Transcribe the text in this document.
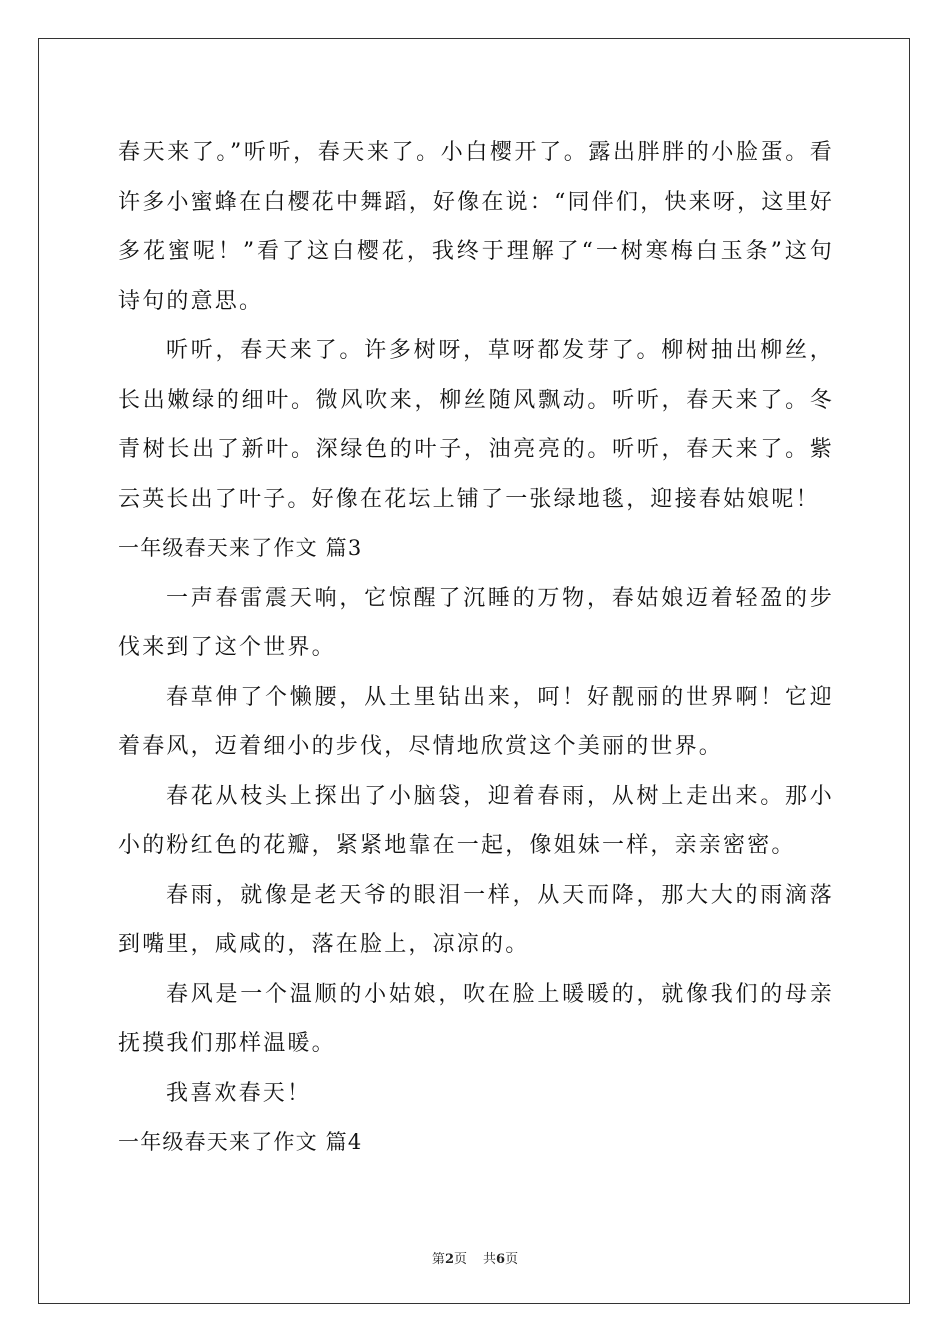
春天来了。”听听，春天来了。小白樱开了。露出胖胖的小脸蛋。看许多小蜜蜂在白樱花中舞蹈，好像在说：“同伴们，快来呀，这里好多花蜜呢！”看了这白樱花，我终于理解了“一树寒梅白玉条”这句诗句的意思。

听听，春天来了。许多树呀，草呀都发芽了。柳树抽出柳丝，长出嫩绿的细叶。微风吹来，柳丝随风飘动。听听，春天来了。冬青树长出了新叶。深绿色的叶子，油亮亮的。听听，春天来了。紫云英长出了叶子。好像在花坛上铺了一张绿地毯，迎接春姑娘呢！

一年级春天来了作文 篇3

一声春雷震天响，它惊醒了沉睡的万物，春姑娘迈着轻盈的步伐来到了这个世界。

春草伸了个懒腰，从土里钻出来，呵！好靓丽的世界啊！它迎着春风，迈着细小的步伐，尽情地欣赏这个美丽的世界。

春花从枝头上探出了小脑袋，迎着春雨，从树上走出来。那小小的粉红色的花瓣，紧紧地靠在一起，像姐妹一样，亲亲密密。

春雨，就像是老天爷的眼泪一样，从天而降，那大大的雨滴落到嘴里，咸咸的，落在脸上，凉凉的。

春风是一个温顺的小姑娘，吹在脸上暖暖的，就像我们的母亲抚摸我们那样温暖。

我喜欢春天！

一年级春天来了作文 篇4

第2页 共6页
